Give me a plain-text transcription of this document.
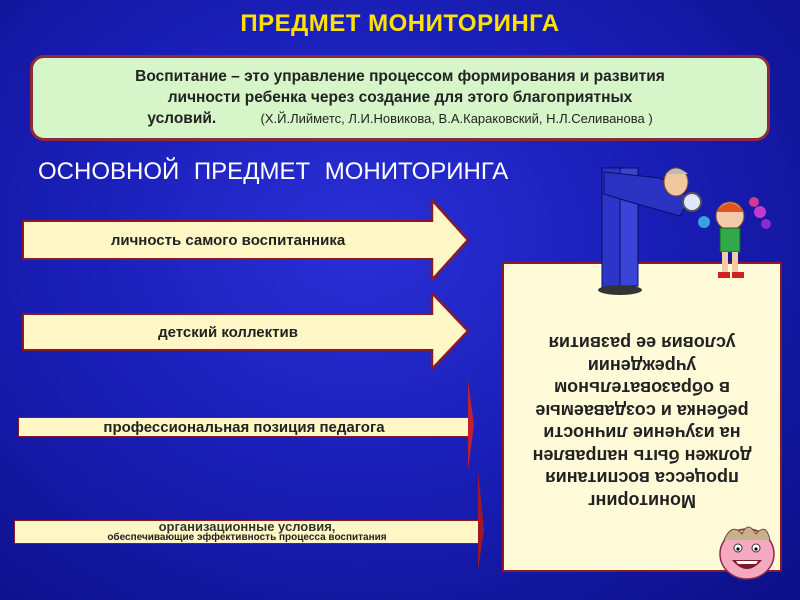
ПРЕДМЕТ МОНИТОРИНГА
Воспитание – это управление процессом формирования и развития
личности ребенка через создание для этого благоприятных
условий.	(Х.Й.Лийметс, Л.И.Новикова, В.А.Караковский, Н.Л.Селиванова )
ОСНОВНОЙ ПРЕДМЕТ МОНИТОРИНГА
личность самого воспитанника
детский коллектив
профессиональная позиция педагога
организационные условия,
обеспечивающие эффективность процесса воспитания
Мониторинг
процесса воспитания
должен быть направлен
на изучение личности
ребенка и создаваемые
в образовательном
учреждении
условия ее развития
